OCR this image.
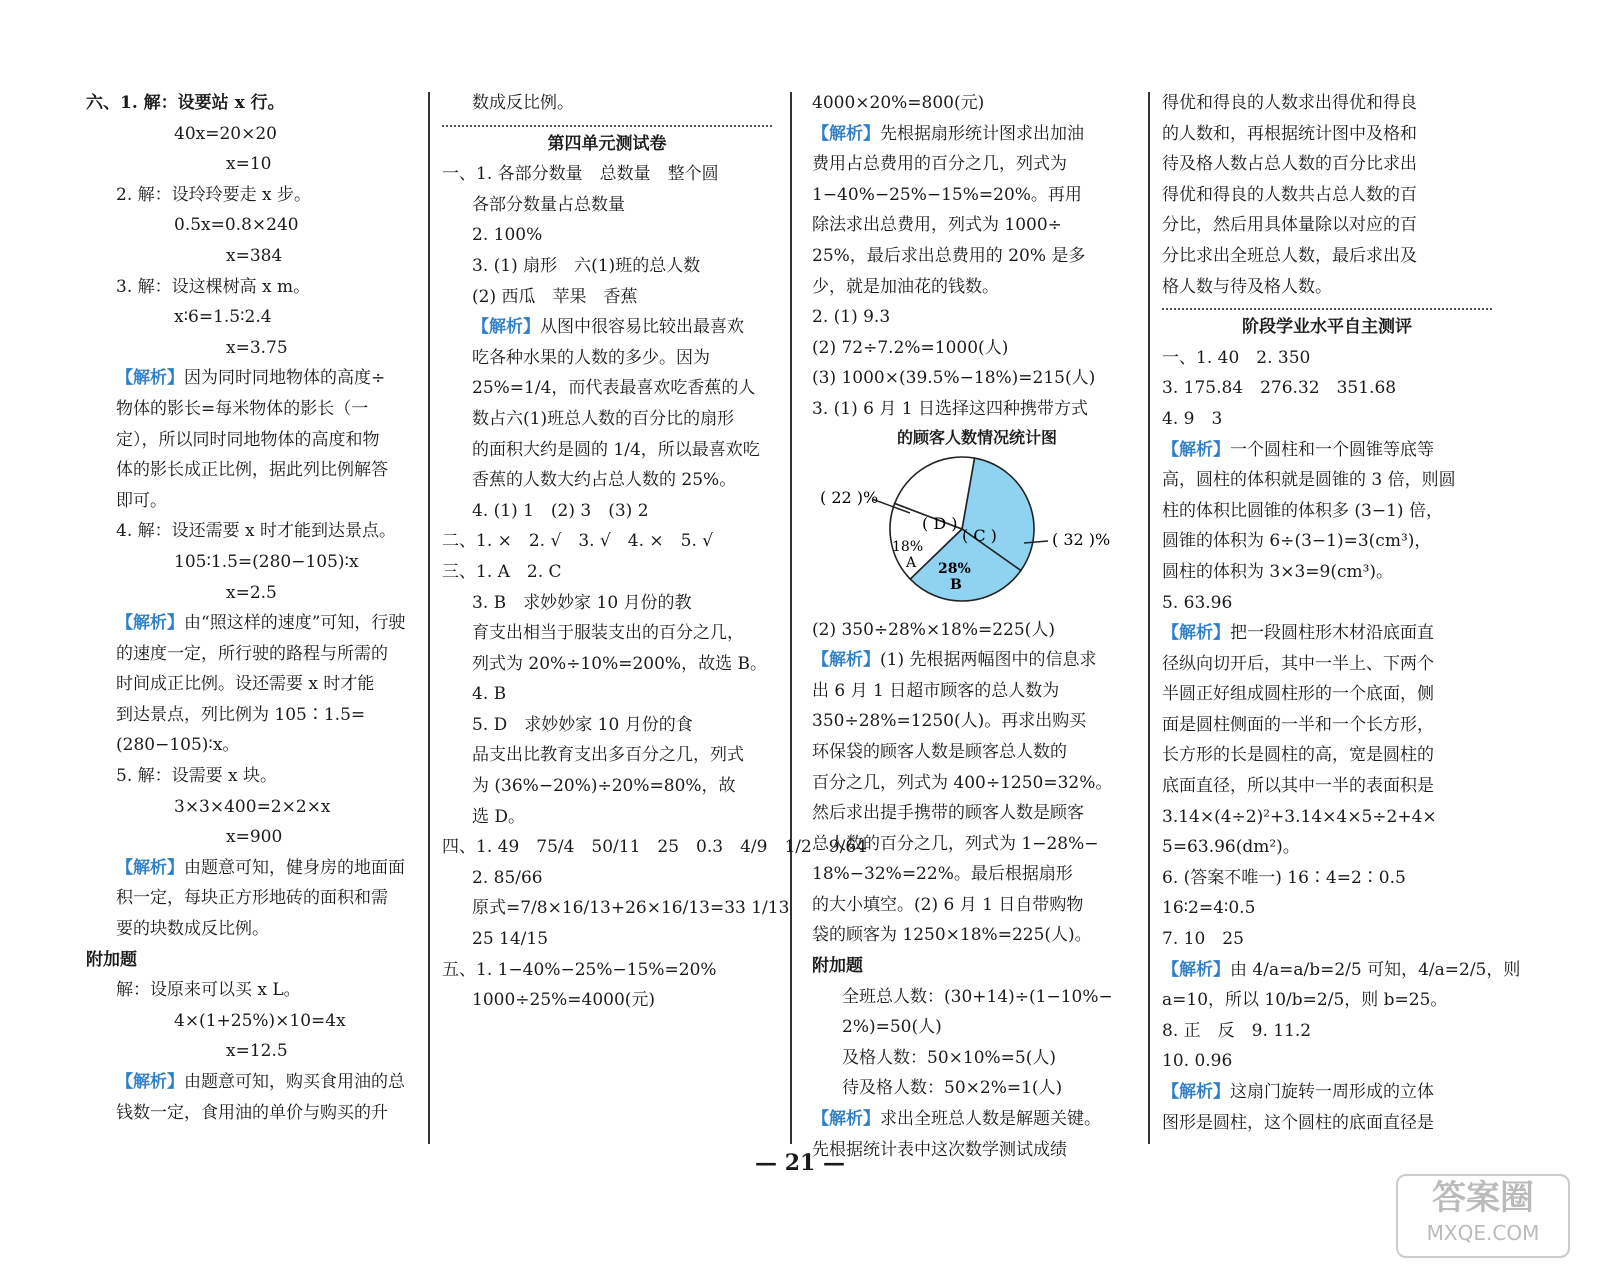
六、1. 解：设要站 x 行。
40x=20×20
x=10
2. 解：设玲玲要走 x 步。
0.5x=0.8×240
x=384
3. 解：设这棵树高 x m。
x∶6=1.5∶2.4
x=3.75
【 解析 】 因为同时同地物体的高度÷
物体的影长=每米物体的影长（一
定），所以同时同地物体的高度和物
体的影长成正比例，据此列比例解答
即可。
4. 解：设还需要 x 时才能到达景点。
105∶1.5=(280−105)∶x
x=2.5
【 解析 】 由“照这样的速度”可知，行驶
的速度一定，所行驶的路程与所需的
时间成正比例。设还需要 x 时才能
到达景点，列比例为 105∶1.5=
(280−105)∶x。
5. 解：设需要 x 块。
3×3×400=2×2×x
x=900
【 解析 】 由题意可知，健身房的地面面
积一定，每块正方形地砖的面积和需
要的块数成反比例。
附加题
解：设原来可以买 x L。
4×(1+25%)×10=4x
x=12.5
【 解析 】 由题意可知，购买食用油的总
钱数一定，食用油的单价与购买的升
数成反比例。
第四单元测试卷
一、1. 各部分数量　总数量　整个圆
各部分数量占总数量
2. 100%
3. (1) 扇形　六(1)班的总人数
(2) 西瓜　苹果　香蕉
【 解析 】 从图中很容易比较出最喜欢
吃各种水果的人数的多少。因为
25%=1/4，而代表最喜欢吃香蕉的人
数占六(1)班总人数的百分比的扇形
的面积大约是圆的 1/4，所以最喜欢吃
香蕉的人数大约占总人数的 25%。
4. (1) 1　(2) 3　(3) 2
二、1. ×　2. √　3. √　4. ×　5. √
三、1. A　2. C
3. B　求妙妙家 10 月份的教
育支出相当于服装支出的百分之几，
列式为 20%÷10%=200%，故选 B。
4. B
5. D　求妙妙家 10 月份的食
品支出比教育支出多百分之几，列式
为 (36%−20%)÷20%=80%，故
选 D。
四、1. 49　75/4　50/11　25　0.3　4/9　1/2　9/64
2. 85/66
原式=7/8×16/13+26×16/13=33 1/13
25 14/15
五、1. 1−40%−25%−15%=20%
1000÷25%=4000(元)
4000×20%=800(元)
【 解析 】 先根据扇形统计图求出加油
费用占总费用的百分之几，列式为
1−40%−25%−15%=20%。再用
除法求出总费用，列式为 1000÷
25%，最后求出总费用的 20% 是多
少，就是加油花的钱数。
2. (1) 9.3
(2) 72÷7.2%=1000(人)
(3) 1000×(39.5%−18%)=215(人)
3. (1) 6 月 1 日选择这四种携带方式
的顾客人数情况统计图
( 22 )%
( D )
18%
A 28%
B
( C )	( 32 )%
(2) 350÷28%×18%=225(人)
【 解析 】 (1) 先根据两幅图中的信息求
出 6 月 1 日超市顾客的总人数为
350÷28%=1250(人)。再求出购买
环保袋的顾客人数是顾客总人数的
百分之几，列式为 400÷1250=32%。
然后求出提手携带的顾客人数是顾客
总人数的百分之几，列式为 1−28%−
18%−32%=22%。最后根据扇形
的大小填空。(2) 6 月 1 日自带购物
袋的顾客为 1250×18%=225(人)。
附加题
全班总人数：(30+14)÷(1−10%−
2%)=50(人)
及格人数：50×10%=5(人)
待及格人数：50×2%=1(人)
【 解析 】 求出全班总人数是解题关键。
先根据统计表中这次数学测试成绩
得优和得良的人数求出得优和得良
的人数和，再根据统计图中及格和
待及格人数占总人数的百分比求出
得优和得良的人数共占总人数的百
分比，然后用具体量除以对应的百
分比求出全班总人数，最后求出及
格人数与待及格人数。
阶段学业水平自主测评
一、1. 40　2. 350
3. 175.84　276.32　351.68
4. 9　3
【 解析 】 一个圆柱和一个圆锥等底等
高，圆柱的体积就是圆锥的 3 倍，则圆
柱的体积比圆锥的体积多 (3−1) 倍，
圆锥的体积为 6÷(3−1)=3(cm³)，
圆柱的体积为 3×3=9(cm³)。
5. 63.96
【 解析 】 把一段圆柱形木材沿底面直
径纵向切开后，其中一半上、下两个
半圆正好组成圆柱形的一个底面，侧
面是圆柱侧面的一半和一个长方形，
长方形的长是圆柱的高，宽是圆柱的
底面直径，所以其中一半的表面积是
3.14×(4÷2)²+3.14×4×5÷2+4×
5=63.96(dm²)。
6. (答案不唯一) 16∶4=2∶0.5
16∶2=4∶0.5
7. 10　25
【 解析 】 由 4/a=a/b=2/5 可知，4/a=2/5，则
a=10，所以 10/b=2/5，则 b=25。
8. 正　反　9. 11.2
10. 0.96
【 解析 】 这扇门旋转一周形成的立体
图形是圆柱，这个圆柱的底面直径是
— 21 —
答案圈
MXQE.COM
